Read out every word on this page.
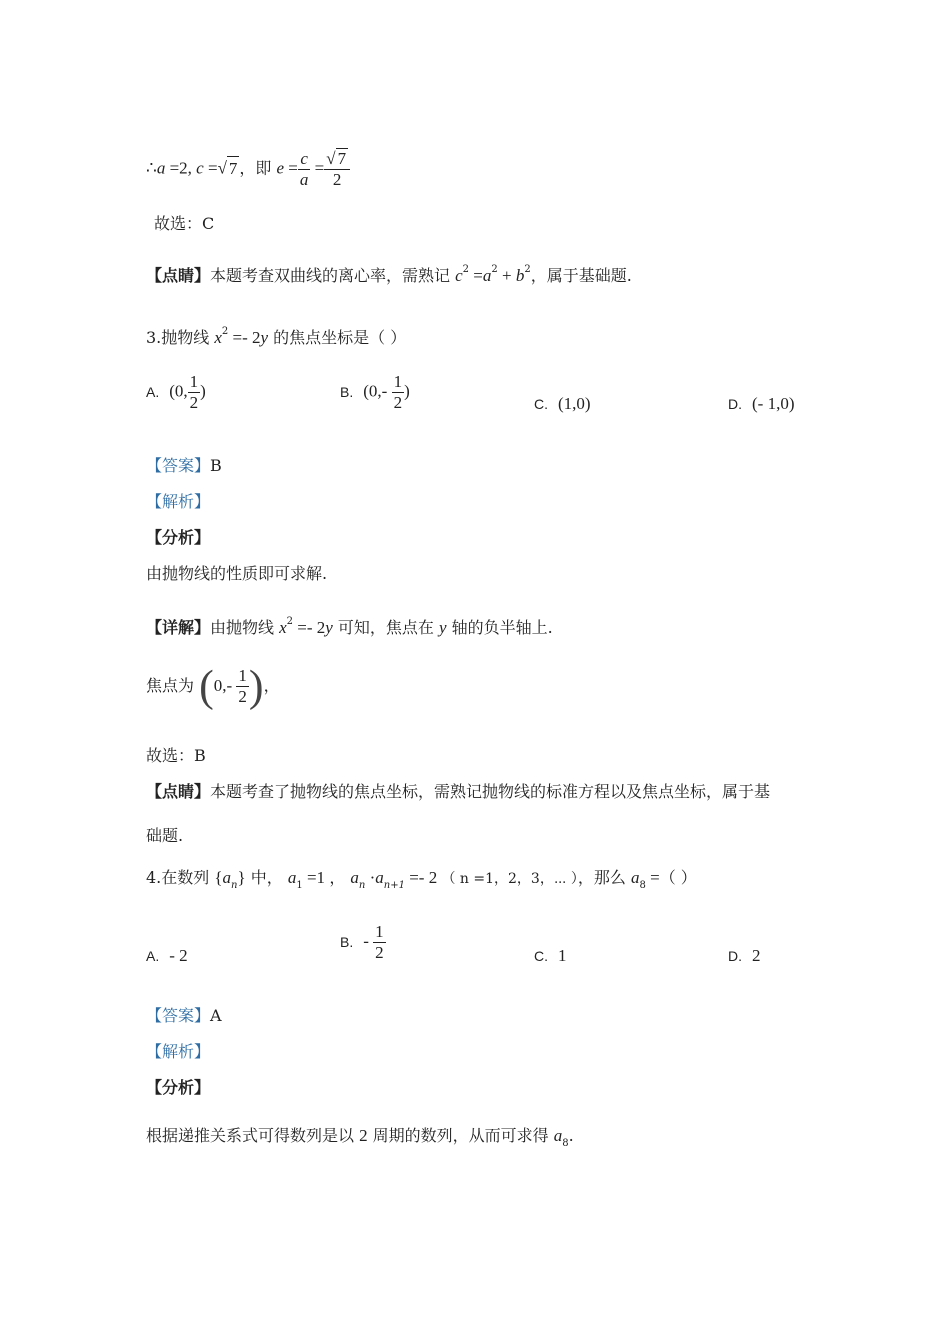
∴a =2, c =√ 7 ，即 $e = \frac{c}{a} = \frac{√ 7}{2}$
故选：C
【点睛】本题考查双曲线的离心率，需熟记 $c^2 =a^2 + b^2$，属于基础题.
3.抛物线 $x^2 =- 2y$ 的焦点坐标是（ ）
A. (0, $\frac{1}{2}$ )	B. ($0,- \frac{1}{2}$ )
C. (1,0)	D. (- 1,0)
【答案】B
【解析】
【分析】
由抛物线的性质即可求解.
【详解】由抛物线 $x^2 =- 2y$ 可知，焦点在 y 轴的负半轴上.
焦点为 ($0,- \frac{1}{2}$ )，
故选：B
【点睛】本题考查了抛物线的焦点坐标，需熟记抛物线的标准方程以及焦点坐标，属于基
础题.
4.在数列 $\{a_n\}$ 中， $a_1 =1$ ， $a_n \cdot a_{n+1} =- 2$ （ n =1，2，3，⋯ ），那么 $a_8$ =（ ）
A. - 2
B. - $\frac{1}{2}$	C. 1	D. 2
【答案】A
【解析】
【分析】
根据递推关系式可得数列是以 2 周期的数列，从而可求得 $a_8$.
